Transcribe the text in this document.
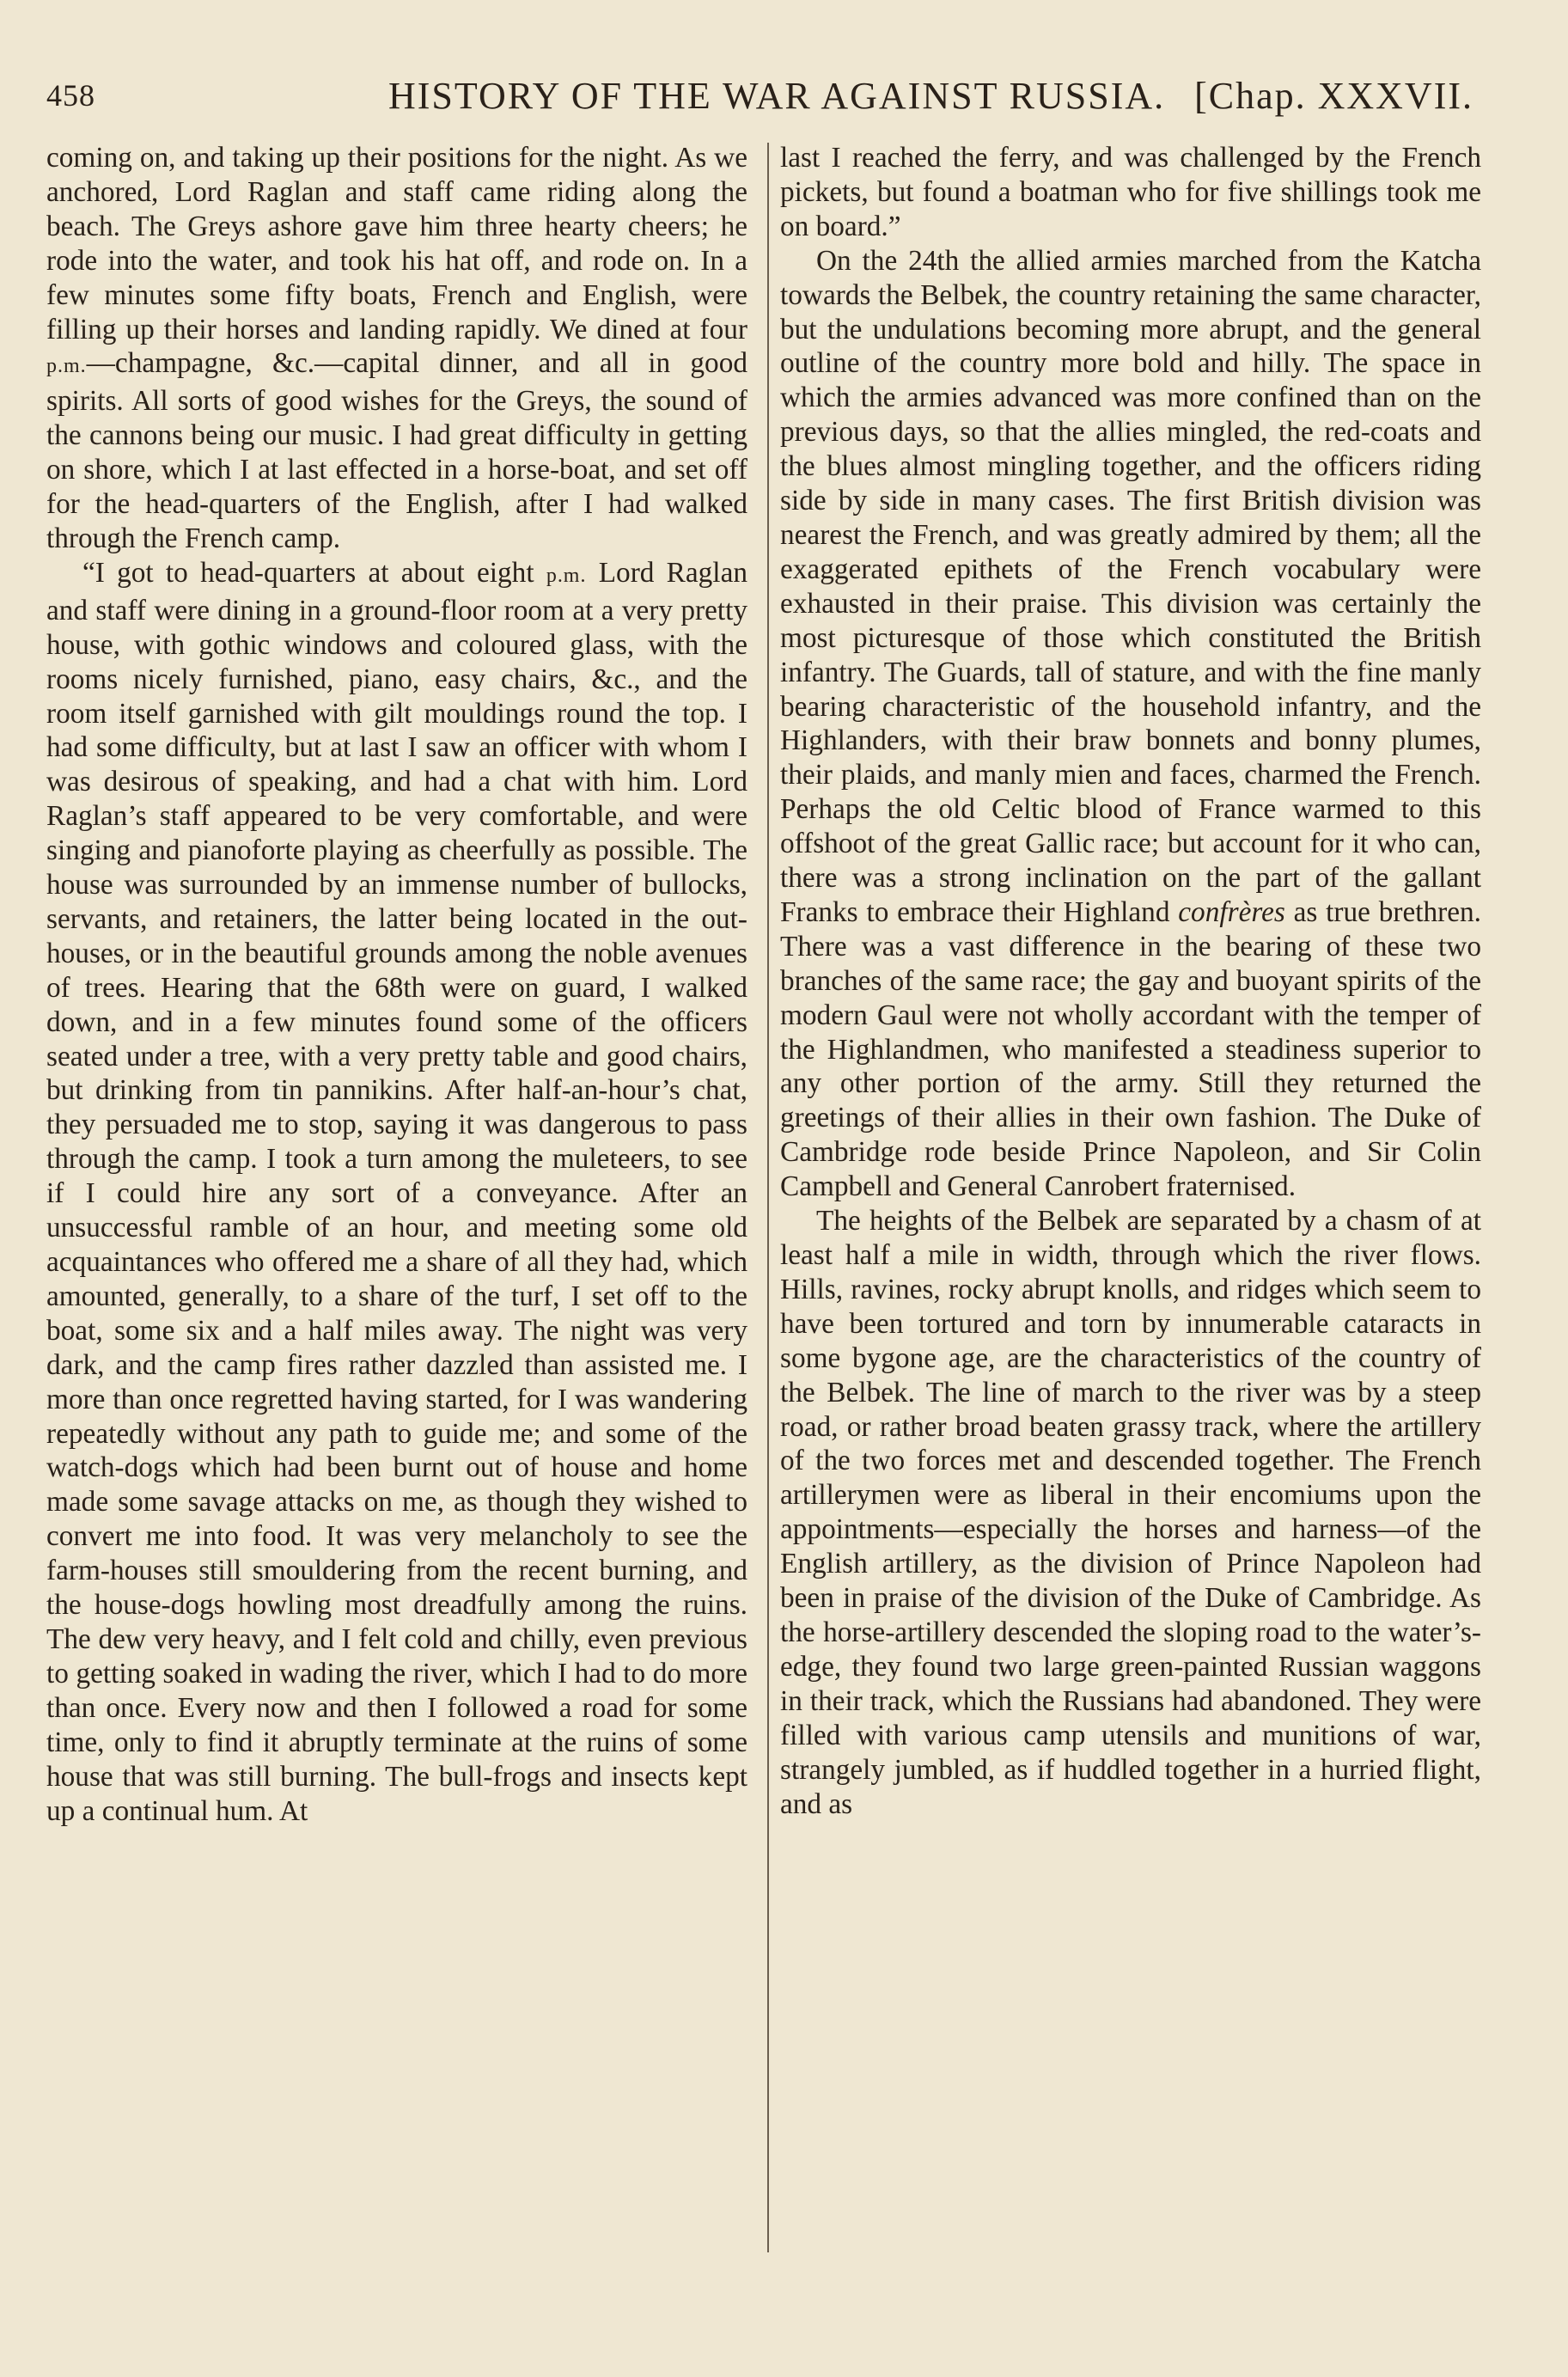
458	HISTORY OF THE WAR AGAINST RUSSIA. [Chap. XXXVII.

coming on, and taking up their positions for the night. As we anchored, Lord Raglan and staff came riding along the beach. The Greys ashore gave him three hearty cheers; he rode into the water, and took his hat off, and rode on. In a few minutes some fifty boats, French and English, were filling up their horses and landing rapidly. We dined at four p.m.—champagne, &c.—capital dinner, and all in good spirits. All sorts of good wishes for the Greys, the sound of the cannons being our music. I had great difficulty in getting on shore, which I at last effected in a horse-boat, and set off for the head-quarters of the English, after I had walked through the French camp.

“I got to head-quarters at about eight p.m. Lord Raglan and staff were dining in a ground-floor room at a very pretty house, with gothic windows and coloured glass, with the rooms nicely furnished, piano, easy chairs, &c., and the room itself garnished with gilt mouldings round the top. I had some difficulty, but at last I saw an officer with whom I was desirous of speaking, and had a chat with him. Lord Raglan’s staff appeared to be very comfortable, and were singing and pianoforte playing as cheerfully as possible. The house was surrounded by an immense number of bullocks, servants, and retainers, the latter being located in the out-houses, or in the beautiful grounds among the noble avenues of trees. Hearing that the 68th were on guard, I walked down, and in a few minutes found some of the officers seated under a tree, with a very pretty table and good chairs, but drinking from tin pannikins. After half-an-hour’s chat, they persuaded me to stop, saying it was dangerous to pass through the camp. I took a turn among the muleteers, to see if I could hire any sort of a conveyance. After an unsuccessful ramble of an hour, and meeting some old acquaintances who offered me a share of all they had, which amounted, generally, to a share of the turf, I set off to the boat, some six and a half miles away. The night was very dark, and the camp fires rather dazzled than assisted me. I more than once regretted having started, for I was wandering repeatedly without any path to guide me; and some of the watch-dogs which had been burnt out of house and home made some savage attacks on me, as though they wished to convert me into food. It was very melancholy to see the farm-houses still smouldering from the recent burning, and the house-dogs howling most dreadfully among the ruins. The dew very heavy, and I felt cold and chilly, even previous to getting soaked in wading the river, which I had to do more than once. Every now and then I followed a road for some time, only to find it abruptly terminate at the ruins of some house that was still burning. The bull-frogs and insects kept up a continual hum. At

last I reached the ferry, and was challenged by the French pickets, but found a boatman who for five shillings took me on board.”

On the 24th the allied armies marched from the Katcha towards the Belbek, the country retaining the same character, but the undulations becoming more abrupt, and the general outline of the country more bold and hilly. The space in which the armies advanced was more confined than on the previous days, so that the allies mingled, the red-coats and the blues almost mingling together, and the officers riding side by side in many cases. The first British division was nearest the French, and was greatly admired by them; all the exaggerated epithets of the French vocabulary were exhausted in their praise. This division was certainly the most picturesque of those which constituted the British infantry. The Guards, tall of stature, and with the fine manly bearing characteristic of the household infantry, and the Highlanders, with their braw bonnets and bonny plumes, their plaids, and manly mien and faces, charmed the French. Perhaps the old Celtic blood of France warmed to this offshoot of the great Gallic race; but account for it who can, there was a strong inclination on the part of the gallant Franks to embrace their Highland confrères as true brethren. There was a vast difference in the bearing of these two branches of the same race; the gay and buoyant spirits of the modern Gaul were not wholly accordant with the temper of the Highlandmen, who manifested a steadiness superior to any other portion of the army. Still they returned the greetings of their allies in their own fashion. The Duke of Cambridge rode beside Prince Napoleon, and Sir Colin Campbell and General Canrobert fraternised.

The heights of the Belbek are separated by a chasm of at least half a mile in width, through which the river flows. Hills, ravines, rocky abrupt knolls, and ridges which seem to have been tortured and torn by innumerable cataracts in some bygone age, are the characteristics of the country of the Belbek. The line of march to the river was by a steep road, or rather broad beaten grassy track, where the artillery of the two forces met and descended together. The French artillerymen were as liberal in their encomiums upon the appointments—especially the horses and harness—of the English artillery, as the division of Prince Napoleon had been in praise of the division of the Duke of Cambridge. As the horse-artillery descended the sloping road to the water’s-edge, they found two large green-painted Russian waggons in their track, which the Russians had abandoned. They were filled with various camp utensils and munitions of war, strangely jumbled, as if huddled together in a hurried flight, and as
